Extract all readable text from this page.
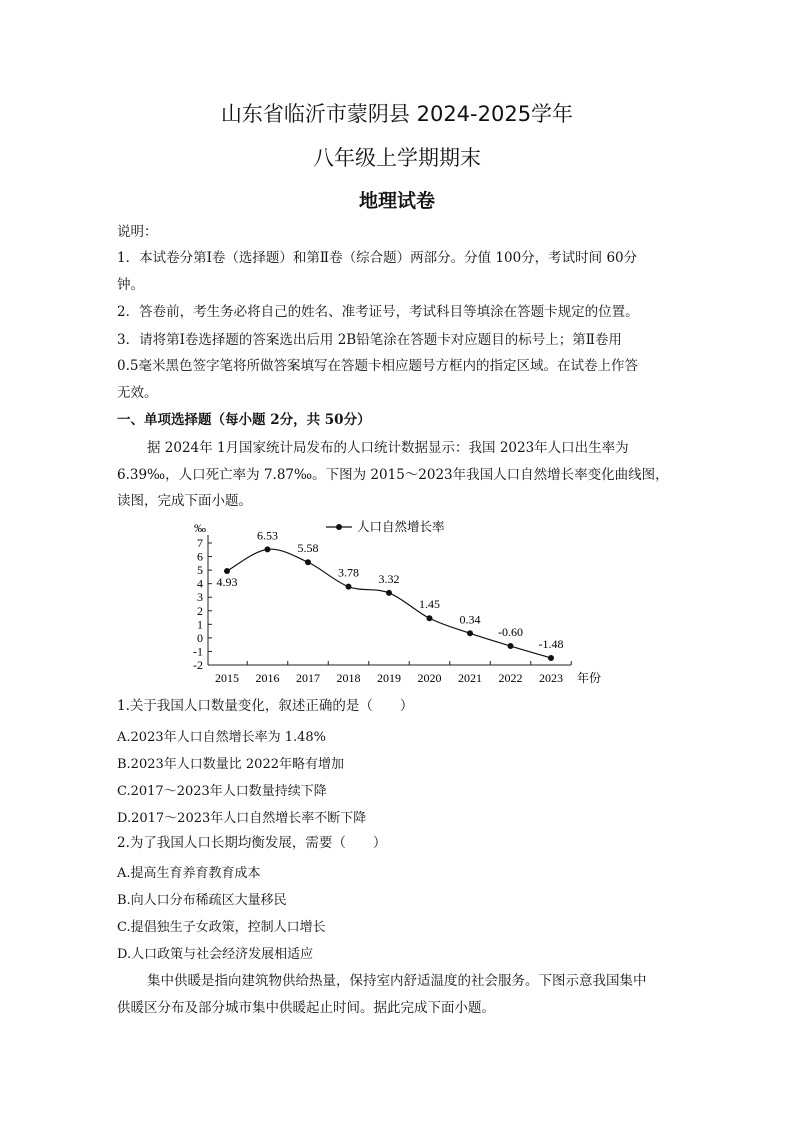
山东省临沂市蒙阴县 2024-2025学年
八年级上学期期末
地理试卷
说明：
1．本试卷分第Ⅰ卷（选择题）和第Ⅱ卷（综合题）两部分。分值 100分，考试时间 60分
钟。
2．答卷前，考生务必将自己的姓名、准考证号，考试科目等填涂在答题卡规定的位置。
3．请将第Ⅰ卷选择题的答案选出后用 2B铅笔涂在答题卡对应题目的标号上；第Ⅱ卷用
0.5毫米黑色签字笔将所做答案填写在答题卡相应题号方框内的指定区域。在试卷上作答
无效。
一、单项选择题（每小题 2分，共 50分）
据 2024年 1月国家统计局发布的人口统计数据显示：我国 2023年人口出生率为
6.39‰，人口死亡率为 7.87‰。下图为 2015～2023年我国人口自然增长率变化曲线图，
读图，完成下面小题。
‰
7
6
5
4
3
2
1
0
-1
-2
2015 2016 2017 2018 2019 2020 2021 2022 2023 年份
4.93
6.53
5.58
3.78 3.32
1.45
0.34
-0.60
-1.48
人口自然增长率
1.关于我国人口数量变化，叙述正确的是（　　）
A.2023年人口自然增长率为 1.48%
B.2023年人口数量比 2022年略有增加
C.2017～2023年人口数量持续下降
D.2017～2023年人口自然增长率不断下降
2.为了我国人口长期均衡发展，需要（　　）
A.提高生育养育教育成本
B.向人口分布稀疏区大量移民
C.提倡独生子女政策，控制人口增长
D.人口政策与社会经济发展相适应
集中供暖是指向建筑物供给热量，保持室内舒适温度的社会服务。下图示意我国集中
供暖区分布及部分城市集中供暖起止时间。据此完成下面小题。
